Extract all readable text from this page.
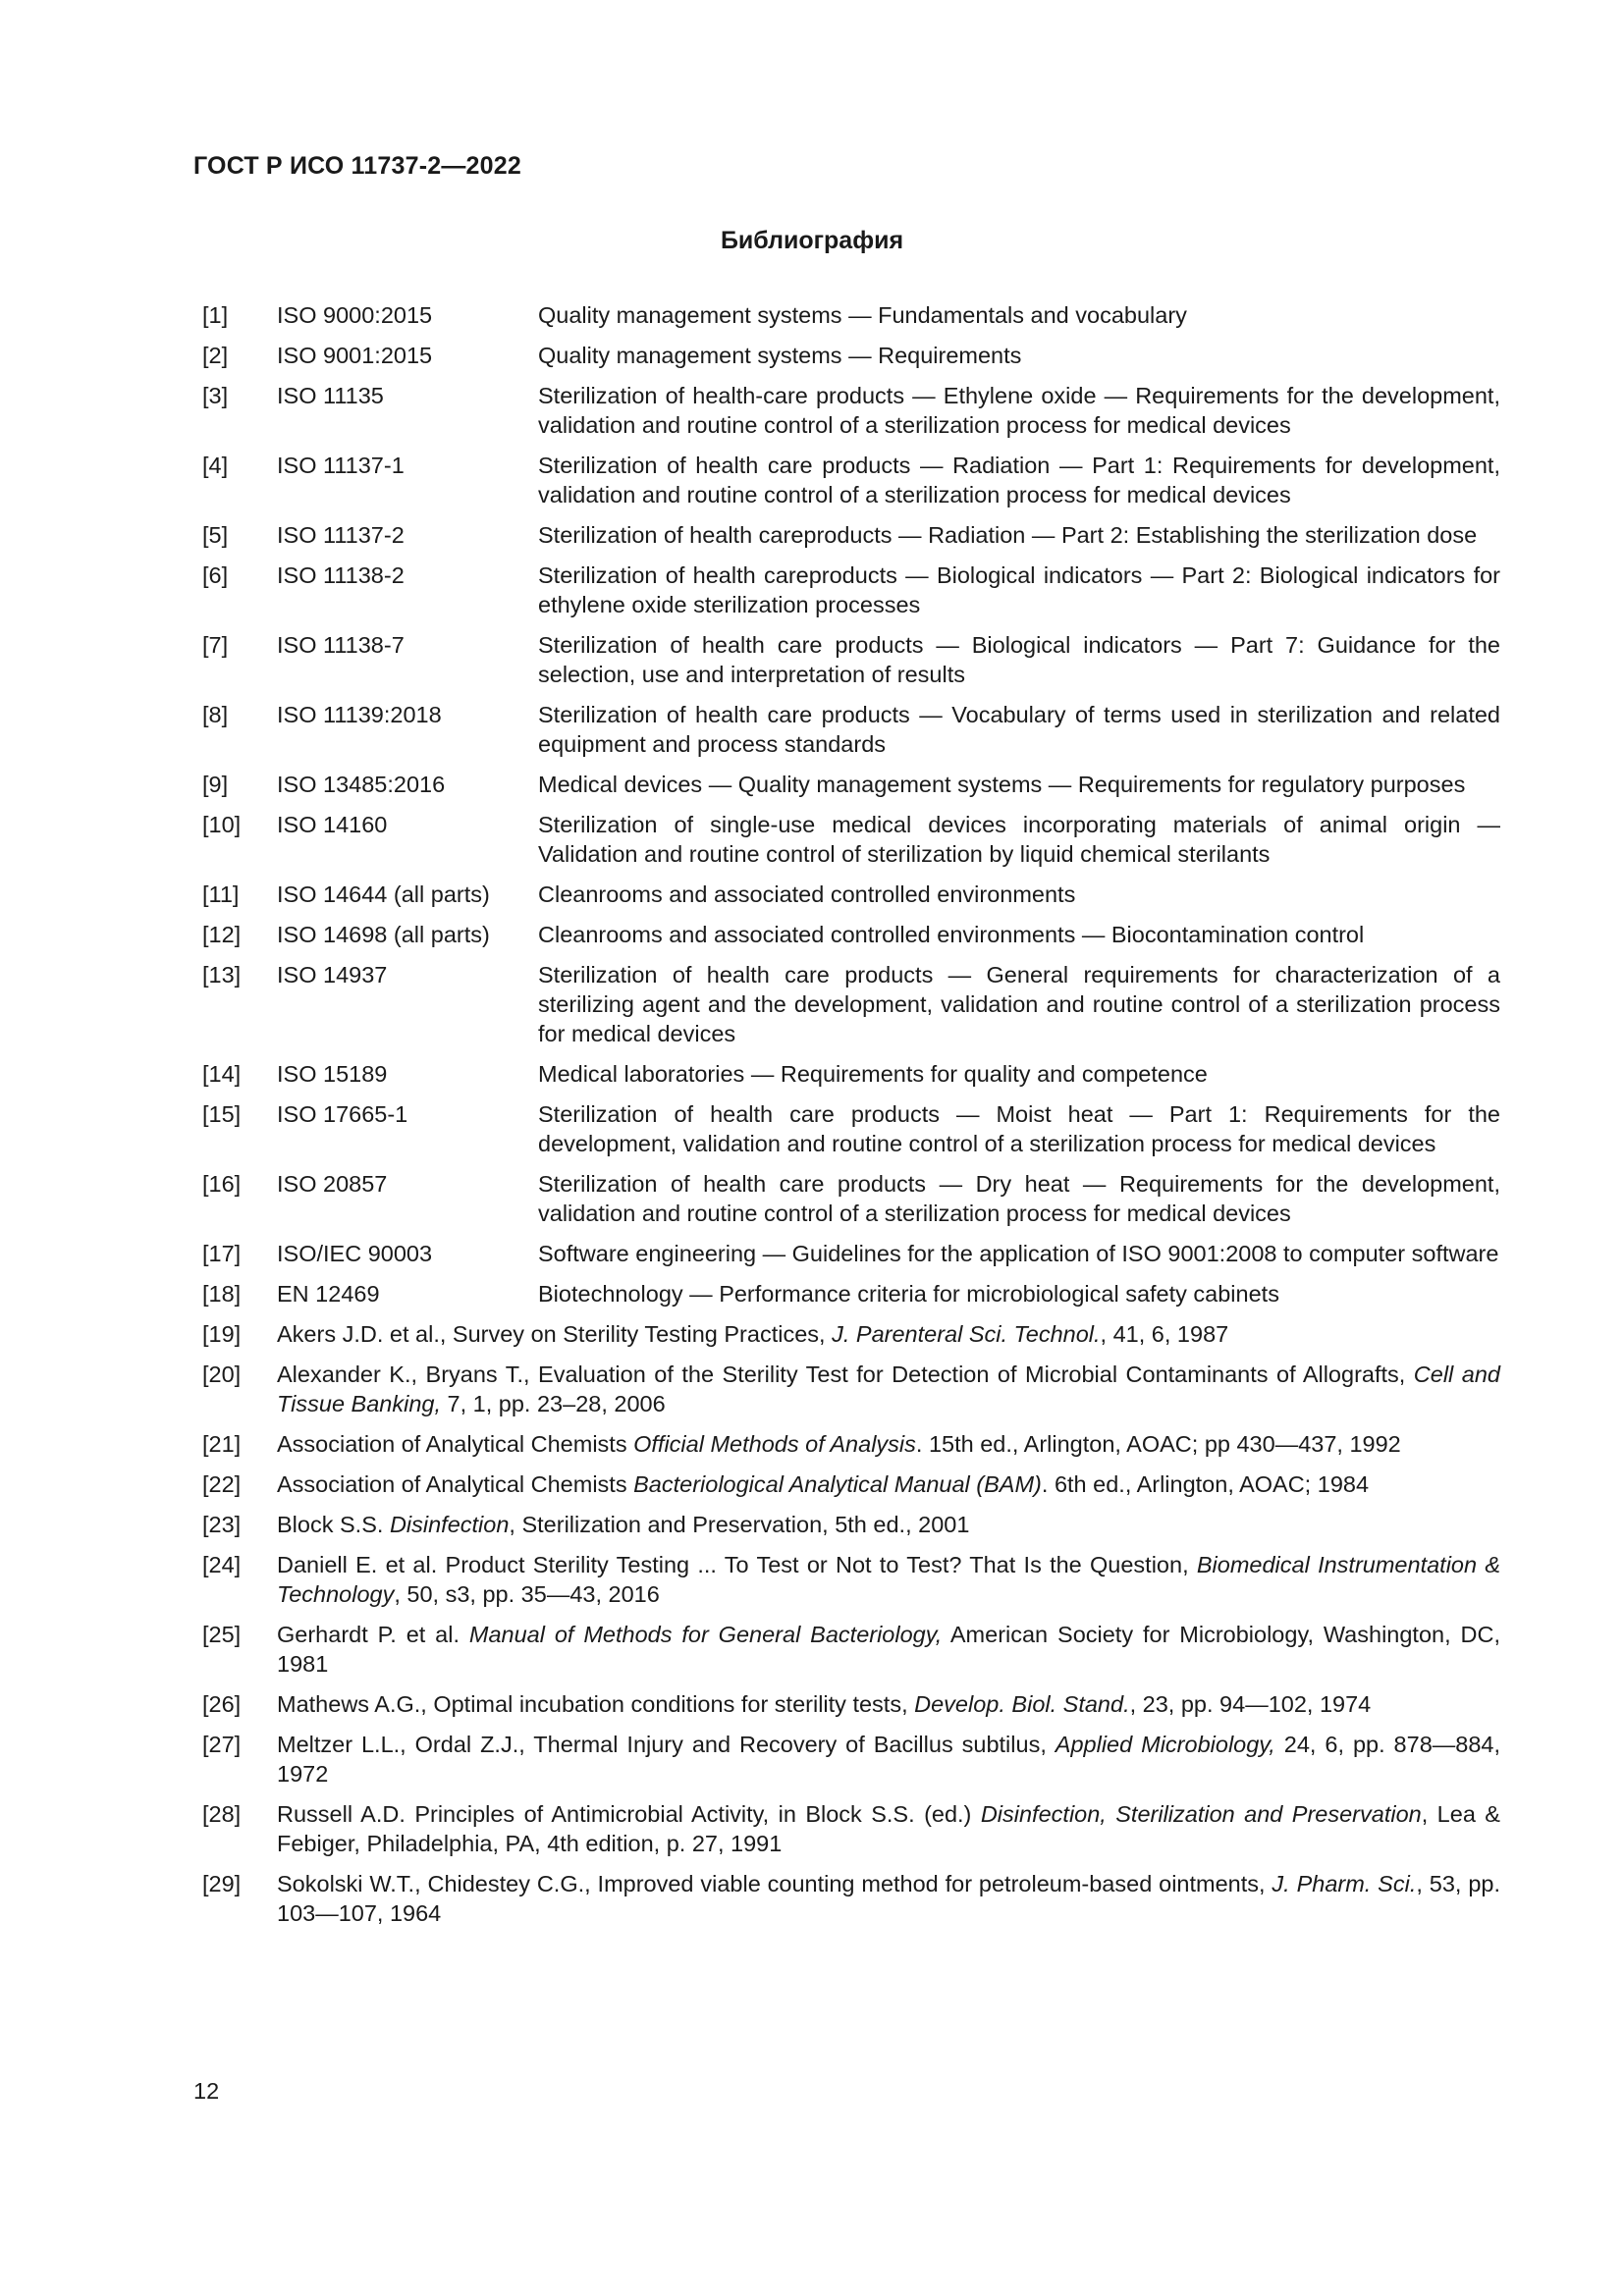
ГОСТ Р ИСО 11737-2—2022
Библиография
[1]	ISO 9000:2015	Quality management systems — Fundamentals and vocabulary
[2]	ISO 9001:2015	Quality management systems — Requirements
[3]	ISO 11135	Sterilization of health-care products — Ethylene oxide — Requirements for the development, validation and routine control of a sterilization process for medical devices
[4]	ISO 11137-1	Sterilization of health care products — Radiation — Part 1: Requirements for development, validation and routine control of a sterilization process for medical devices
[5]	ISO 11137-2	Sterilization of health careproducts — Radiation — Part 2: Establishing the sterilization dose
[6]	ISO 11138-2	Sterilization of health careproducts — Biological indicators — Part 2: Biological indicators for ethylene oxide sterilization processes
[7]	ISO 11138-7	Sterilization of health care products — Biological indicators — Part 7: Guidance for the selection, use and interpretation of results
[8]	ISO 11139:2018	Sterilization of health care products — Vocabulary of terms used in sterilization and related equipment and process standards
[9]	ISO 13485:2016	Medical devices — Quality management systems — Requirements for regulatory purposes
[10]	ISO 14160	Sterilization of single-use medical devices incorporating materials of animal origin — Validation and routine control of sterilization by liquid chemical sterilants
[11]	ISO 14644 (all parts)	Cleanrooms and associated controlled environments
[12]	ISO 14698 (all parts)	Cleanrooms and associated controlled environments — Biocontamination control
[13]	ISO 14937	Sterilization of health care products — General requirements for characterization of a sterilizing agent and the development, validation and routine control of a sterilization process for medical devices
[14]	ISO 15189	Medical laboratories — Requirements for quality and competence
[15]	ISO 17665-1	Sterilization of health care products — Moist heat — Part 1: Requirements for the development, validation and routine control of a sterilization process for medical devices
[16]	ISO 20857	Sterilization of health care products — Dry heat — Requirements for the development, validation and routine control of a sterilization process for medical devices
[17]	ISO/IEC 90003	Software engineering — Guidelines for the application of ISO 9001:2008 to computer software
[18]	EN 12469	Biotechnology — Performance criteria for microbiological safety cabinets
[19]	Akers J.D. et al., Survey on Sterility Testing Practices, J. Parenteral Sci. Technol., 41, 6, 1987
[20]	Alexander K., Bryans T., Evaluation of the Sterility Test for Detection of Microbial Contaminants of Allografts, Cell and Tissue Banking, 7, 1, pp. 23–28, 2006
[21]	Association of Analytical Chemists Official Methods of Analysis. 15th ed., Arlington, AOAC; pp 430—437, 1992
[22]	Association of Analytical Chemists Bacteriological Analytical Manual (BAM). 6th ed., Arlington, AOAC; 1984
[23]	Block S.S. Disinfection, Sterilization and Preservation, 5th ed., 2001
[24]	Daniell E. et al. Product Sterility Testing ... To Test or Not to Test? That Is the Question, Biomedical Instrumentation & Technology, 50, s3, pp. 35—43, 2016
[25]	Gerhardt P. et al. Manual of Methods for General Bacteriology, American Society for Microbiology, Washington, DC, 1981
[26]	Mathews A.G., Optimal incubation conditions for sterility tests, Develop. Biol. Stand., 23, pp. 94—102, 1974
[27]	Meltzer L.L., Ordal Z.J., Thermal Injury and Recovery of Bacillus subtilus, Applied Microbiology, 24, 6, pp. 878—884, 1972
[28]	Russell A.D. Principles of Antimicrobial Activity, in Block S.S. (ed.) Disinfection, Sterilization and Preservation, Lea & Febiger, Philadelphia, PA, 4th edition, p. 27, 1991
[29]	Sokolski W.T., Chidestey C.G., Improved viable counting method for petroleum-based ointments, J. Pharm. Sci., 53, pp. 103—107, 1964
12
